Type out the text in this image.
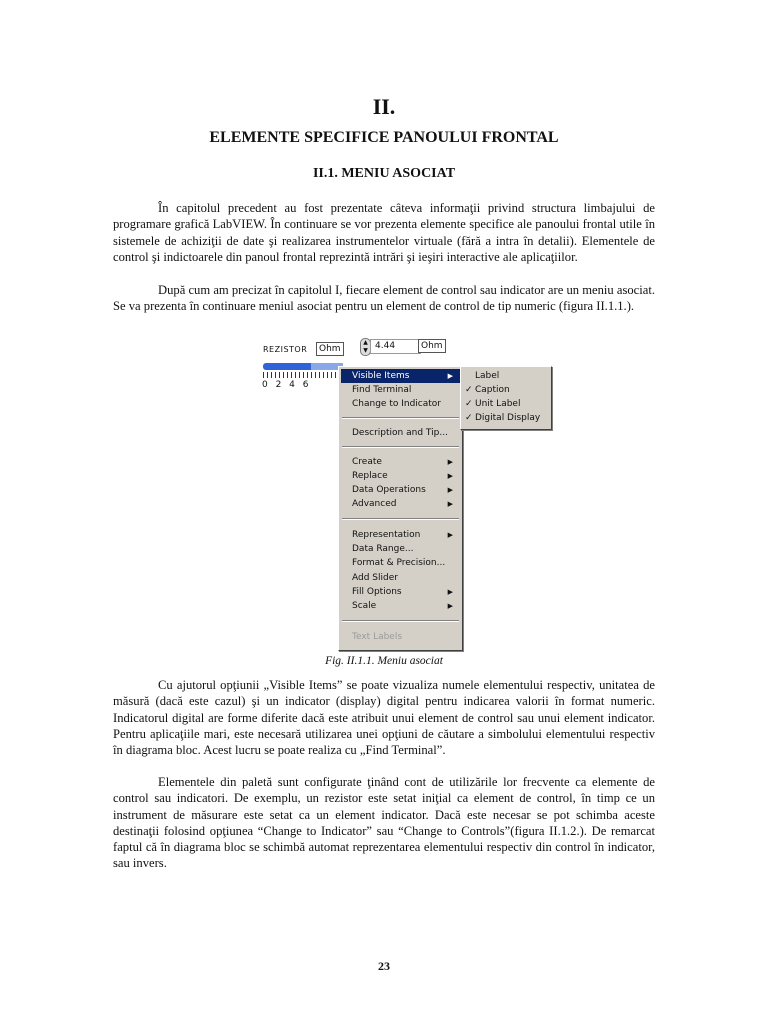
II.
ELEMENTE SPECIFICE PANOULUI FRONTAL
II.1. MENIU ASOCIAT

În capitolul precedent au fost prezentate câteva informaţii privind structura limbajului de programare grafică LabVIEW. În continuare se vor prezenta elemente specifice ale panoului frontal utile în sistemele de achiziţii de date şi realizarea instrumentelor virtuale (fără a intra în detalii). Elementele de control şi indictoarele din panoul frontal reprezintă intrări şi ieşiri interactive ale aplicaţiilor.

După cum am precizat în capitolul I, fiecare element de control sau indicator are un meniu asociat. Se va prezenta în continuare meniul asociat pentru un element de control de tip numeric (figura II.1.1.).

REZISTOR	Ohm
▲
▼ 4.44	Ohm
0 2 4 6
Visible Items	▶
Find Terminal
Change to Indicator
Description and Tip...
Create	▶
Replace	▶
Data Operations	▶
Advanced	▶
Representation	▶
Data Range...
Format & Precision...
Add Slider
Fill Options	▶
Scale	▶
Text Labels
Label
✓ Caption
✓ Unit Label
✓ Digital Display
Fig. II.1.1. Meniu asociat

Cu ajutorul opţiunii „Visible Items” se poate vizualiza numele elementului respectiv, unitatea de măsură (dacă este cazul) şi un indicator (display) digital pentru indicarea valorii în format numeric. Indicatorul digital are forme diferite dacă este atribuit unui element de control sau unui element indicator. Pentru aplicaţiile mari, este necesară utilizarea unei opţiuni de căutare a simbolului elementului respectiv în diagrama bloc. Acest lucru se poate realiza cu „Find Terminal”.

Elementele din paletă sunt configurate ţinând cont de utilizările lor frecvente ca elemente de control sau indicatori. De exemplu, un rezistor este setat iniţial ca element de control, în timp ce un instrument de măsurare este setat ca un element indicator. Dacă este necesar se pot schimba aceste destinaţii folosind opţiunea “Change to Indicator” sau “Change to Controls”(figura II.1.2.). De remarcat faptul că în diagrama bloc se schimbă automat reprezentarea elementului respectiv din control în indicator, sau invers.

23
